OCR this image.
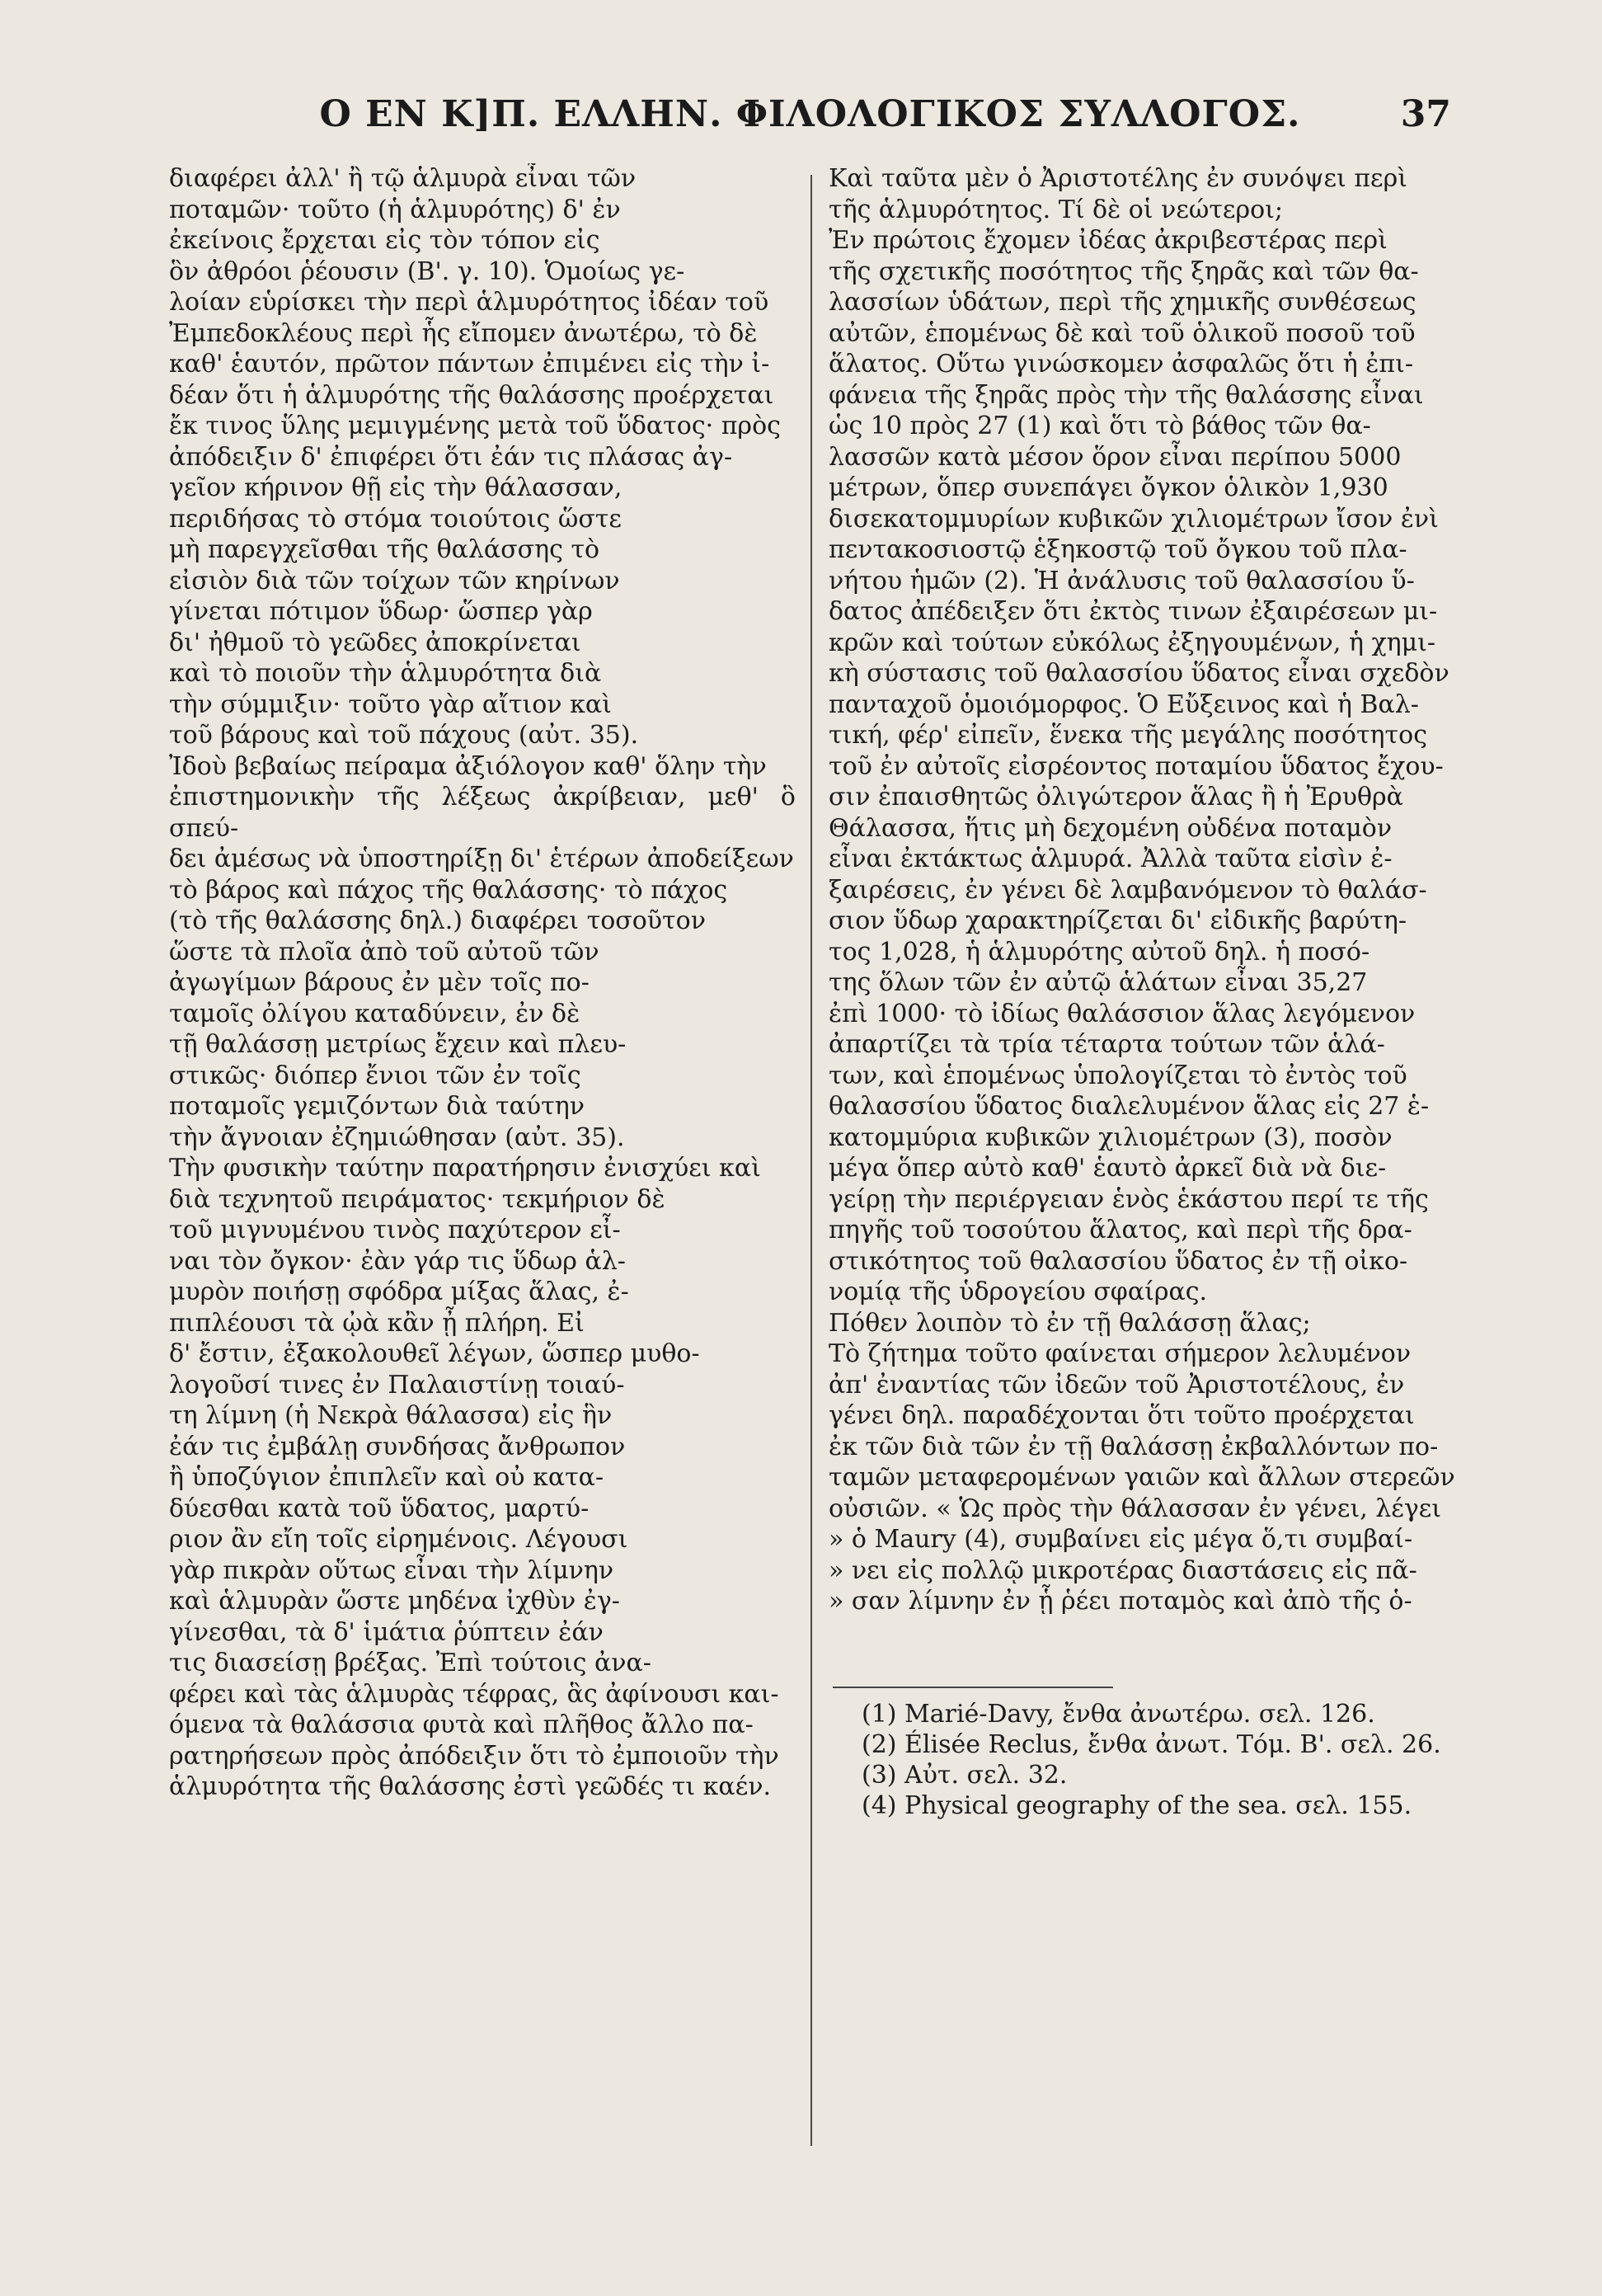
Ο ΕΝ Κ]Π. ΕΛΛΗΝ. ΦΙΛΟΛΟΓΙΚΟΣ ΣΥΛΛΟΓΟΣ.	37
διαφέρει ἀλλ' ἢ τῷ ἁλμυρὰ εἶναι τῶν
ποταμῶν· τοῦτο (ἡ ἁλμυρότης) δ' ἐν
ἐκείνοις ἔρχεται εἰς τὸν τόπον εἰς
ὃν ἀθρόοι ῥέουσιν (Β'. γ. 10). Ὁμοίως γε-
λοίαν εὑρίσκει τὴν περὶ ἁλμυρότητος ἰδέαν τοῦ
Ἐμπεδοκλέους περὶ ἧς εἴπομεν ἀνωτέρω, τὸ δὲ
καθ' ἑαυτόν, πρῶτον πάντων ἐπιμένει εἰς τὴν ἰ-
δέαν ὅτι ἡ ἁλμυρότης τῆς θαλάσσης προέρχεται
ἔκ τινος ὕλης μεμιγμένης μετὰ τοῦ ὕδατος· πρὸς
ἀπόδειξιν δ' ἐπιφέρει ὅτι ἐάν τις πλάσας ἀγ-
γεῖον κήρινον θῇ εἰς τὴν θάλασσαν,
περιδήσας τὸ στόμα τοιούτοις ὥστε
μὴ παρεγχεῖσθαι τῆς θαλάσσης τὸ
εἰσιὸν διὰ τῶν τοίχων τῶν κηρίνων
γίνεται πότιμον ὕδωρ· ὥσπερ γὰρ
δι' ἠθμοῦ τὸ γεῶδες ἀποκρίνεται
καὶ τὸ ποιοῦν τὴν ἁλμυρότητα διὰ
τὴν σύμμιξιν· τοῦτο γὰρ αἴτιον καὶ
τοῦ βάρους καὶ τοῦ πάχους (αὐτ. 35).
Ἰδοὺ βεβαίως πείραμα ἀξιόλογον καθ' ὅλην τὴν
ἐπιστημονικὴν τῆς λέξεως ἀκρίβειαν, μεθ' ὃ σπεύ-
δει ἀμέσως νὰ ὑποστηρίξῃ δι' ἑτέρων ἀποδείξεων
τὸ βάρος καὶ πάχος τῆς θαλάσσης· τὸ πάχος
(τὸ τῆς θαλάσσης δηλ.) διαφέρει τοσοῦτον
ὥστε τὰ πλοῖα ἀπὸ τοῦ αὐτοῦ τῶν
ἀγωγίμων βάρους ἐν μὲν τοῖς πο-
ταμοῖς ὀλίγου καταδύνειν, ἐν δὲ
τῇ θαλάσσῃ μετρίως ἔχειν καὶ πλευ-
στικῶς· διόπερ ἔνιοι τῶν ἐν τοῖς
ποταμοῖς γεμιζόντων διὰ ταύτην
τὴν ἄγνοιαν ἐζημιώθησαν (αὐτ. 35).
Τὴν φυσικὴν ταύτην παρατήρησιν ἐνισχύει καὶ
διὰ τεχνητοῦ πειράματος· τεκμήριον δὲ
τοῦ μιγνυμένου τινὸς παχύτερον εἶ-
ναι τὸν ὄγκον· ἐὰν γάρ τις ὕδωρ ἁλ-
μυρὸν ποιήσῃ σφόδρα μίξας ἅλας, ἐ-
πιπλέουσι τὰ ᾠὰ κἂν ᾖ πλήρη. Εἰ
δ' ἔστιν, ἐξακολουθεῖ λέγων, ὥσπερ μυθο-
λογοῦσί τινες ἐν Παλαιστίνῃ τοιαύ-
τη λίμνη (ἡ Νεκρὰ θάλασσα) εἰς ἣν
ἐάν τις ἐμβάλῃ συνδήσας ἄνθρωπον
ἢ ὑποζύγιον ἐπιπλεῖν καὶ οὐ κατα-
δύεσθαι κατὰ τοῦ ὕδατος, μαρτύ-
ριον ἂν εἴη τοῖς εἰρημένοις. Λέγουσι
γὰρ πικρὰν οὕτως εἶναι τὴν λίμνην
καὶ ἁλμυρὰν ὥστε μηδένα ἰχθὺν ἐγ-
γίνεσθαι, τὰ δ' ἱμάτια ῥύπτειν ἐάν
τις διασείσῃ βρέξας. Ἐπὶ τούτοις ἀνα-
φέρει καὶ τὰς ἁλμυρὰς τέφρας, ἃς ἀφίνουσι και-
όμενα τὰ θαλάσσια φυτὰ καὶ πλῆθος ἄλλο πα-
ρατηρήσεων πρὸς ἀπόδειξιν ὅτι τὸ ἐμποιοῦν τὴν
ἁλμυρότητα τῆς θαλάσσης ἐστὶ γεῶδές τι καέν.
Καὶ ταῦτα μὲν ὁ Ἀριστοτέλης ἐν συνόψει περὶ
τῆς ἁλμυρότητος. Τί δὲ οἱ νεώτεροι;
Ἐν πρώτοις ἔχομεν ἰδέας ἀκριβεστέρας περὶ
τῆς σχετικῆς ποσότητος τῆς ξηρᾶς καὶ τῶν θα-
λασσίων ὑδάτων, περὶ τῆς χημικῆς συνθέσεως
αὐτῶν, ἑπομένως δὲ καὶ τοῦ ὁλικοῦ ποσοῦ τοῦ
ἅλατος. Οὕτω γινώσκομεν ἀσφαλῶς ὅτι ἡ ἐπι-
φάνεια τῆς ξηρᾶς πρὸς τὴν τῆς θαλάσσης εἶναι
ὡς 10 πρὸς 27 (1) καὶ ὅτι τὸ βάθος τῶν θα-
λασσῶν κατὰ μέσον ὅρον εἶναι περίπου 5000
μέτρων, ὅπερ συνεπάγει ὄγκον ὁλικὸν 1,930
δισεκατομμυρίων κυβικῶν χιλιομέτρων ἴσον ἐνὶ
πεντακοσιοστῷ ἑξηκοστῷ τοῦ ὄγκου τοῦ πλα-
νήτου ἡμῶν (2). Ἡ ἀνάλυσις τοῦ θαλασσίου ὕ-
δατος ἀπέδειξεν ὅτι ἐκτὸς τινων ἐξαιρέσεων μι-
κρῶν καὶ τούτων εὐκόλως ἐξηγουμένων, ἡ χημι-
κὴ σύστασις τοῦ θαλασσίου ὕδατος εἶναι σχεδὸν
πανταχοῦ ὁμοιόμορφος. Ὁ Εὔξεινος καὶ ἡ Βαλ-
τική, φέρ' εἰπεῖν, ἕνεκα τῆς μεγάλης ποσότητος
τοῦ ἐν αὐτοῖς εἰσρέοντος ποταμίου ὕδατος ἔχου-
σιν ἐπαισθητῶς ὀλιγώτερον ἅλας ἢ ἡ Ἐρυθρὰ
Θάλασσα, ἥτις μὴ δεχομένη οὐδένα ποταμὸν
εἶναι ἐκτάκτως ἁλμυρά. Ἀλλὰ ταῦτα εἰσὶν ἐ-
ξαιρέσεις, ἐν γένει δὲ λαμβανόμενον τὸ θαλάσ-
σιον ὕδωρ χαρακτηρίζεται δι' εἰδικῆς βαρύτη-
τος 1,028, ἡ ἁλμυρότης αὐτοῦ δηλ. ἡ ποσό-
της ὅλων τῶν ἐν αὐτῷ ἁλάτων εἶναι 35,27
ἐπὶ 1000· τὸ ἰδίως θαλάσσιον ἅλας λεγόμενον
ἀπαρτίζει τὰ τρία τέταρτα τούτων τῶν ἁλά-
των, καὶ ἑπομένως ὑπολογίζεται τὸ ἐντὸς τοῦ
θαλασσίου ὕδατος διαλελυμένον ἅλας εἰς 27 ἑ-
κατομμύρια κυβικῶν χιλιομέτρων (3), ποσὸν
μέγα ὅπερ αὐτὸ καθ' ἑαυτὸ ἀρκεῖ διὰ νὰ διε-
γείρῃ τὴν περιέργειαν ἑνὸς ἑκάστου περί τε τῆς
πηγῆς τοῦ τοσούτου ἅλατος, καὶ περὶ τῆς δρα-
στικότητος τοῦ θαλασσίου ὕδατος ἐν τῇ οἰκο-
νομίᾳ τῆς ὑδρογείου σφαίρας.
Πόθεν λοιπὸν τὸ ἐν τῇ θαλάσσῃ ἅλας;
Τὸ ζήτημα τοῦτο φαίνεται σήμερον λελυμένον
ἀπ' ἐναντίας τῶν ἰδεῶν τοῦ Ἀριστοτέλους, ἐν
γένει δηλ. παραδέχονται ὅτι τοῦτο προέρχεται
ἐκ τῶν διὰ τῶν ἐν τῇ θαλάσσῃ ἐκβαλλόντων πο-
ταμῶν μεταφερομένων γαιῶν καὶ ἄλλων στερεῶν
οὐσιῶν. « Ὡς πρὸς τὴν θάλασσαν ἐν γένει, λέγει
» ὁ Maury (4), συμβαίνει εἰς μέγα ὅ,τι συμβαί-
» νει εἰς πολλῷ μικροτέρας διαστάσεις εἰς πᾶ-
» σαν λίμνην ἐν ᾗ ῥέει ποταμὸς καὶ ἀπὸ τῆς ὁ-
(1) Marié-Davy, ἔνθα ἀνωτέρω. σελ. 126.
(2) Élisée Reclus, ἔνθα ἀνωτ. Τόμ. Β'. σελ. 26.
(3) Αὐτ. σελ. 32.
(4) Physical geography of the sea. σελ. 155.
